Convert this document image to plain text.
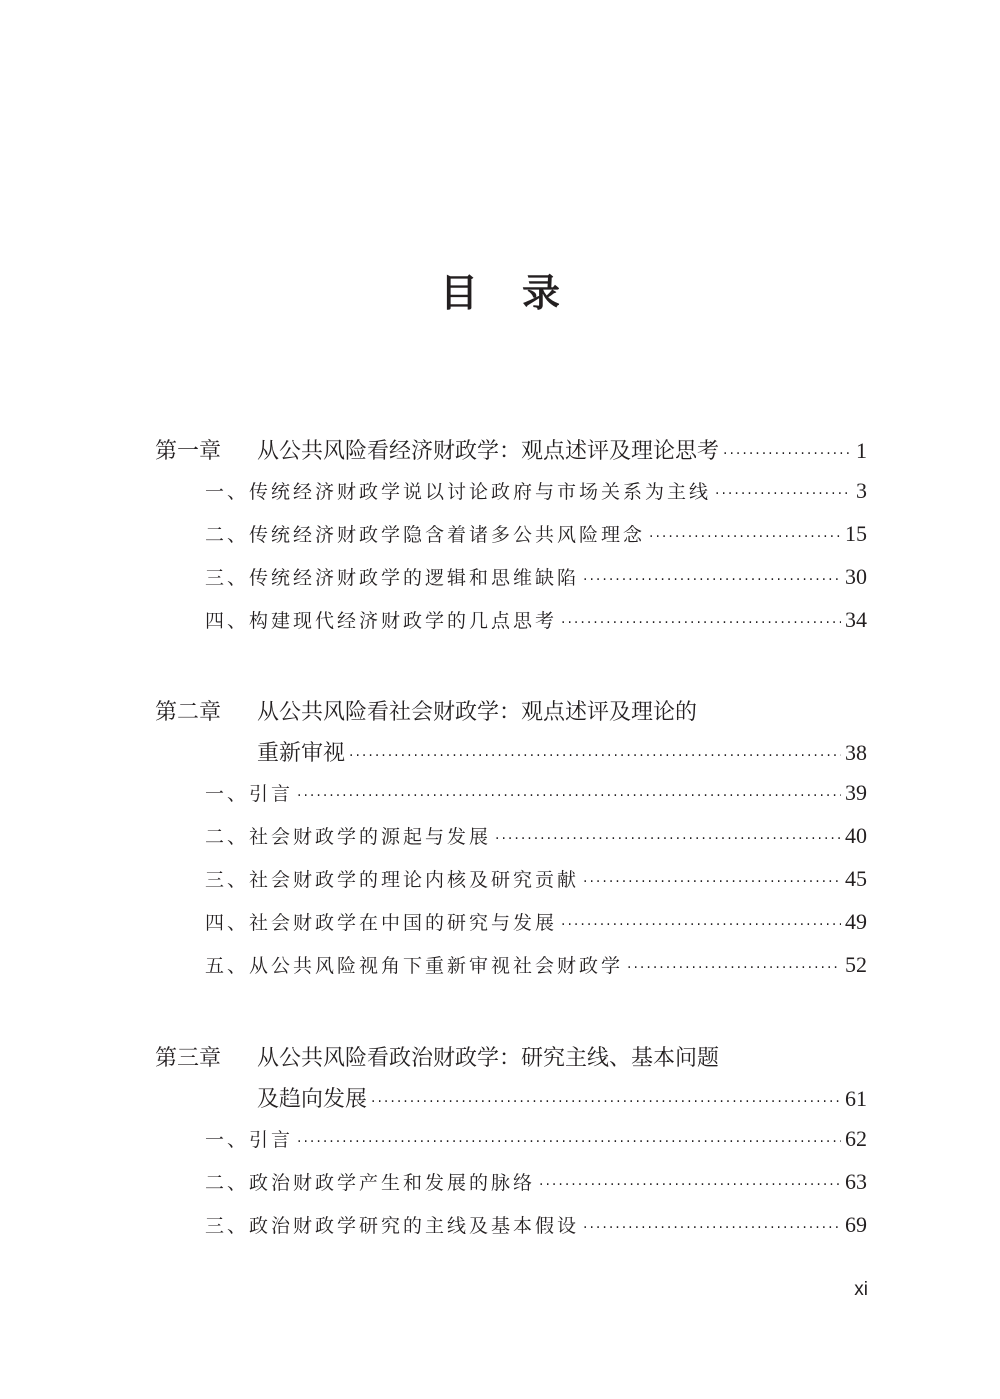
目录
第一章 从公共风险看经济财政学：观点述评及理论思考 ·····	1
一、传统经济财政学说以讨论政府与市场关系为主线 ·····	3
二、传统经济财政学隐含着诸多公共风险理念 ·····	15
三、传统经济财政学的逻辑和思维缺陷 ·····	30
四、构建现代经济财政学的几点思考 ·····	34
第二章 从公共风险看社会财政学：观点述评及理论的
重新审视 ·····	38
一、引言 ·····	39
二、社会财政学的源起与发展 ·····	40
三、社会财政学的理论内核及研究贡献 ·····	45
四、社会财政学在中国的研究与发展 ·····	49
五、从公共风险视角下重新审视社会财政学 ·····	52
第三章 从公共风险看政治财政学：研究主线、基本问题
及趋向发展 ·····	61
一、引言 ·····	62
二、政治财政学产生和发展的脉络 ·····	63
三、政治财政学研究的主线及基本假设 ·····	69
xi
